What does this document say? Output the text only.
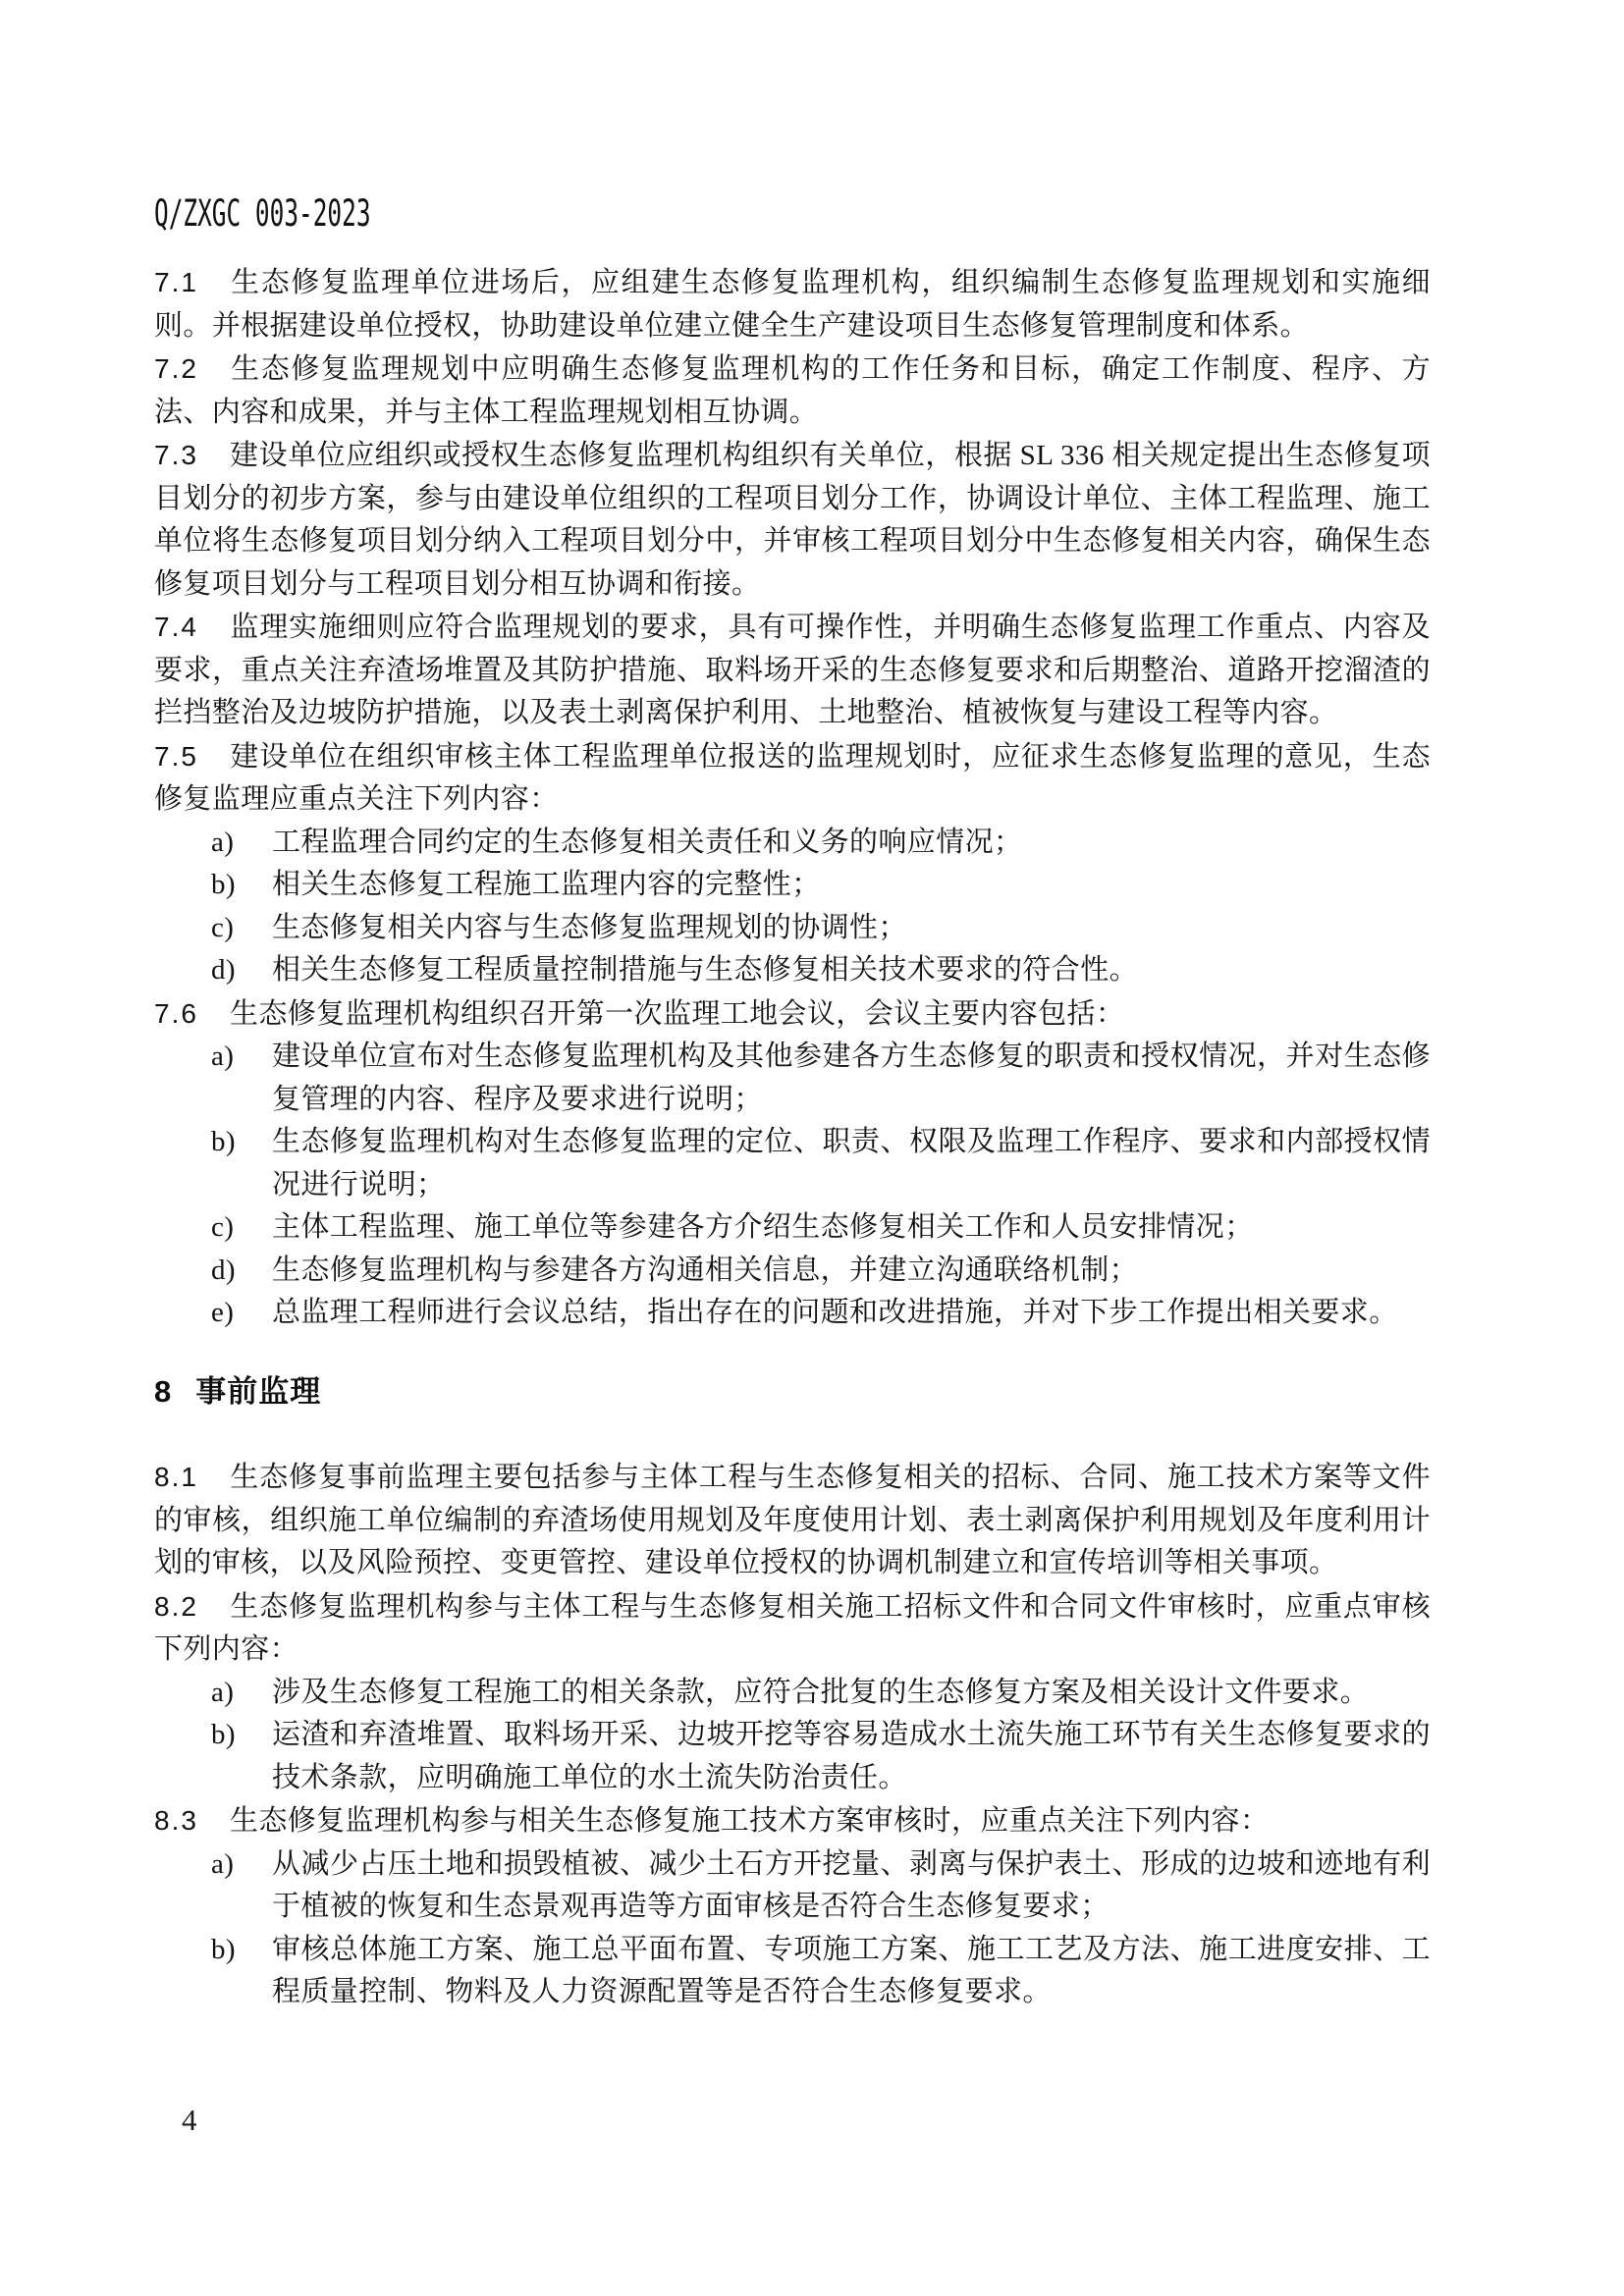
Q/ZXGC 003-2023

7.1 生态修复监理单位进场后，应组建生态修复监理机构，组织编制生态修复监理规划和实施细则。并根据建设单位授权，协助建设单位建立健全生产建设项目生态修复管理制度和体系。

7.2 生态修复监理规划中应明确生态修复监理机构的工作任务和目标，确定工作制度、程序、方法、内容和成果，并与主体工程监理规划相互协调。

7.3 建设单位应组织或授权生态修复监理机构组织有关单位，根据 SL 336 相关规定提出生态修复项目划分的初步方案，参与由建设单位组织的工程项目划分工作，协调设计单位、主体工程监理、施工单位将生态修复项目划分纳入工程项目划分中，并审核工程项目划分中生态修复相关内容，确保生态修复项目划分与工程项目划分相互协调和衔接。

7.4 监理实施细则应符合监理规划的要求，具有可操作性，并明确生态修复监理工作重点、内容及要求，重点关注弃渣场堆置及其防护措施、取料场开采的生态修复要求和后期整治、道路开挖溜渣的拦挡整治及边坡防护措施，以及表土剥离保护利用、土地整治、植被恢复与建设工程等内容。

7.5 建设单位在组织审核主体工程监理单位报送的监理规划时，应征求生态修复监理的意见，生态修复监理应重点关注下列内容：

a)	工程监理合同约定的生态修复相关责任和义务的响应情况；
b)	相关生态修复工程施工监理内容的完整性；
c)	生态修复相关内容与生态修复监理规划的协调性；
d)	相关生态修复工程质量控制措施与生态修复相关技术要求的符合性。

7.6 生态修复监理机构组织召开第一次监理工地会议，会议主要内容包括：

a)	建设单位宣布对生态修复监理机构及其他参建各方生态修复的职责和授权情况，并对生态修复管理的内容、程序及要求进行说明；
b)	生态修复监理机构对生态修复监理的定位、职责、权限及监理工作程序、要求和内部授权情况进行说明；
c)	主体工程监理、施工单位等参建各方介绍生态修复相关工作和人员安排情况；
d)	生态修复监理机构与参建各方沟通相关信息，并建立沟通联络机制；
e)	总监理工程师进行会议总结，指出存在的问题和改进措施，并对下步工作提出相关要求。
8 事前监理

8.1 生态修复事前监理主要包括参与主体工程与生态修复相关的招标、合同、施工技术方案等文件的审核，组织施工单位编制的弃渣场使用规划及年度使用计划、表土剥离保护利用规划及年度利用计划的审核，以及风险预控、变更管控、建设单位授权的协调机制建立和宣传培训等相关事项。

8.2 生态修复监理机构参与主体工程与生态修复相关施工招标文件和合同文件审核时，应重点审核下列内容：

a)	涉及生态修复工程施工的相关条款，应符合批复的生态修复方案及相关设计文件要求。
b)	运渣和弃渣堆置、取料场开采、边坡开挖等容易造成水土流失施工环节有关生态修复要求的技术条款，应明确施工单位的水土流失防治责任。

8.3 生态修复监理机构参与相关生态修复施工技术方案审核时，应重点关注下列内容：

a)	从减少占压土地和损毁植被、减少土石方开挖量、剥离与保护表土、形成的边坡和迹地有利于植被的恢复和生态景观再造等方面审核是否符合生态修复要求；
b)	审核总体施工方案、施工总平面布置、专项施工方案、施工工艺及方法、施工进度安排、工程质量控制、物料及人力资源配置等是否符合生态修复要求。
4
